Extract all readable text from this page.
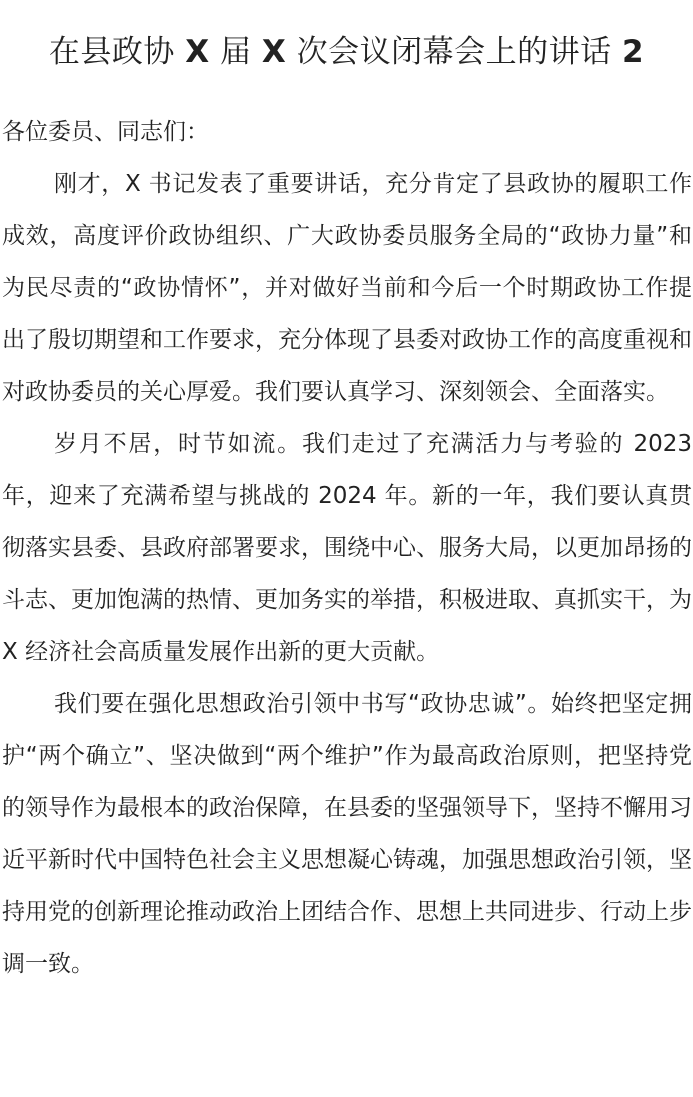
在县政协 X 届 X 次会议闭幕会上的讲话 2

各位委员、同志们：

刚才，X 书记发表了重要讲话，充分肯定了县政协的履职工作成效，高度评价政协组织、广大政协委员服务全局的“政协力量”和为民尽责的“政协情怀”，并对做好当前和今后一个时期政协工作提出了殷切期望和工作要求，充分体现了县委对政协工作的高度重视和对政协委员的关心厚爱。我们要认真学习、深刻领会、全面落实。

岁月不居，时节如流。我们走过了充满活力与考验的 2023 年，迎来了充满希望与挑战的 2024 年。新的一年，我们要认真贯彻落实县委、县政府部署要求，围绕中心、服务大局，以更加昂扬的斗志、更加饱满的热情、更加务实的举措，积极进取、真抓实干，为 X 经济社会高质量发展作出新的更大贡献。

我们要在强化思想政治引领中书写“政协忠诚”。始终把坚定拥护“两个确立”、坚决做到“两个维护”作为最高政治原则，把坚持党的领导作为最根本的政治保障，在县委的坚强领导下，坚持不懈用习近平新时代中国特色社会主义思想凝心铸魂，加强思想政治引领，坚持用党的创新理论推动政治上团结合作、思想上共同进步、行动上步调一致。
